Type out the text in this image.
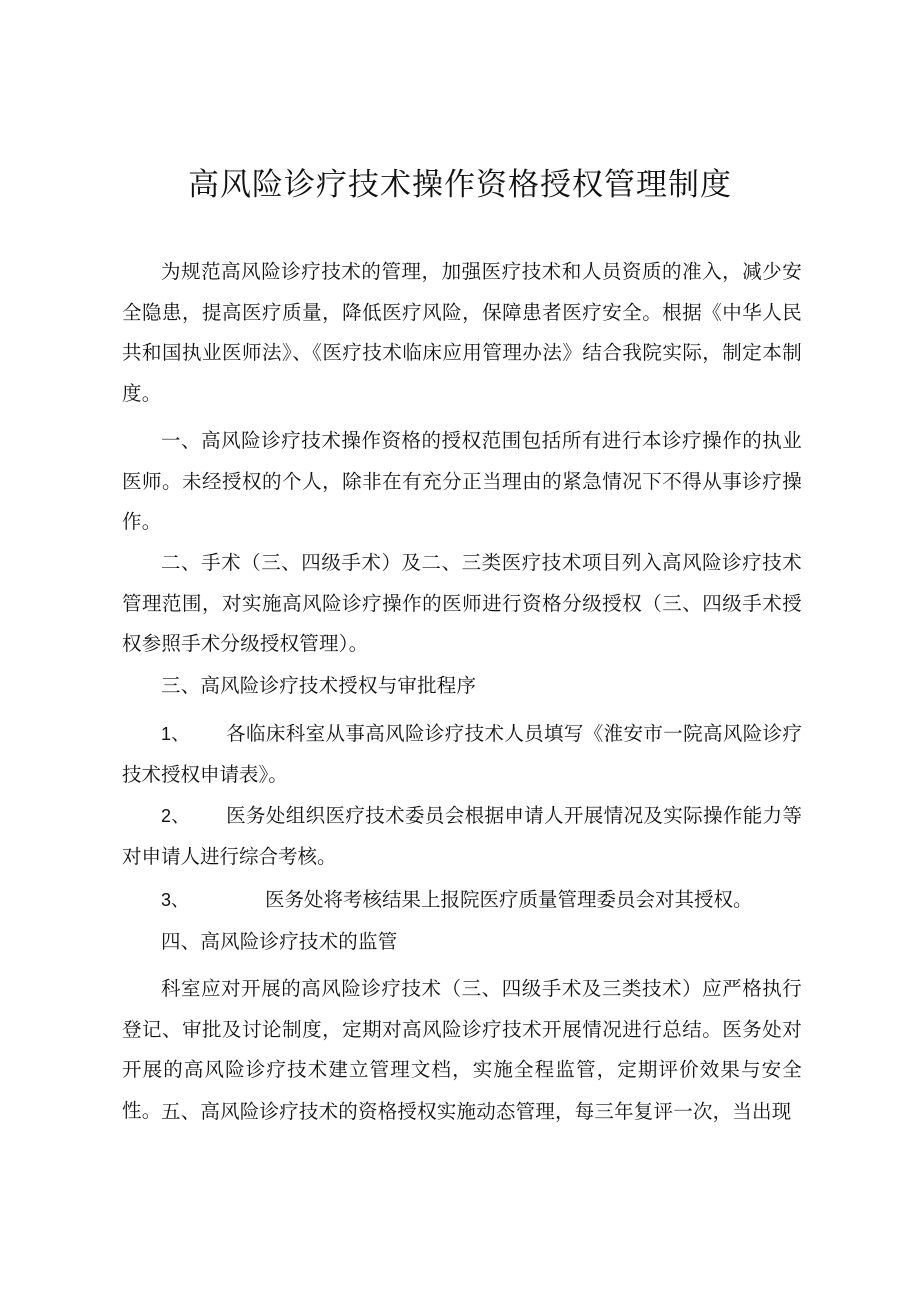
高风险诊疗技术操作资格授权管理制度

为规范高风险诊疗技术的管理，加强医疗技术和人员资质的准入，减少安全隐患，提高医疗质量，降低医疗风险，保障患者医疗安全。根据《中华人民共和国执业医师法》、《医疗技术临床应用管理办法》结合我院实际，制定本制度。

一、高风险诊疗技术操作资格的授权范围包括所有进行本诊疗操作的执业医师。未经授权的个人，除非在有充分正当理由的紧急情况下不得从事诊疗操作。

二、手术（三、四级手术）及二、三类医疗技术项目列入高风险诊疗技术管理范围，对实施高风险诊疗操作的医师进行资格分级授权（三、四级手术授权参照手术分级授权管理）。

三、高风险诊疗技术授权与审批程序

1、 各临床科室从事高风险诊疗技术人员填写《淮安市一院高风险诊疗技术授权申请表》。

2、 医务处组织医疗技术委员会根据申请人开展情况及实际操作能力等对申请人进行综合考核。

3、	医务处将考核结果上报院医疗质量管理委员会对其授权。

四、高风险诊疗技术的监管

科室应对开展的高风险诊疗技术（三、四级手术及三类技术）应严格执行登记、审批及讨论制度，定期对高风险诊疗技术开展情况进行总结。医务处对开展的高风险诊疗技术建立管理文档，实施全程监管，定期评价效果与安全性。 五、高风险诊疗技术的资格授权实施动态管理，每三年复评一次，当出现
